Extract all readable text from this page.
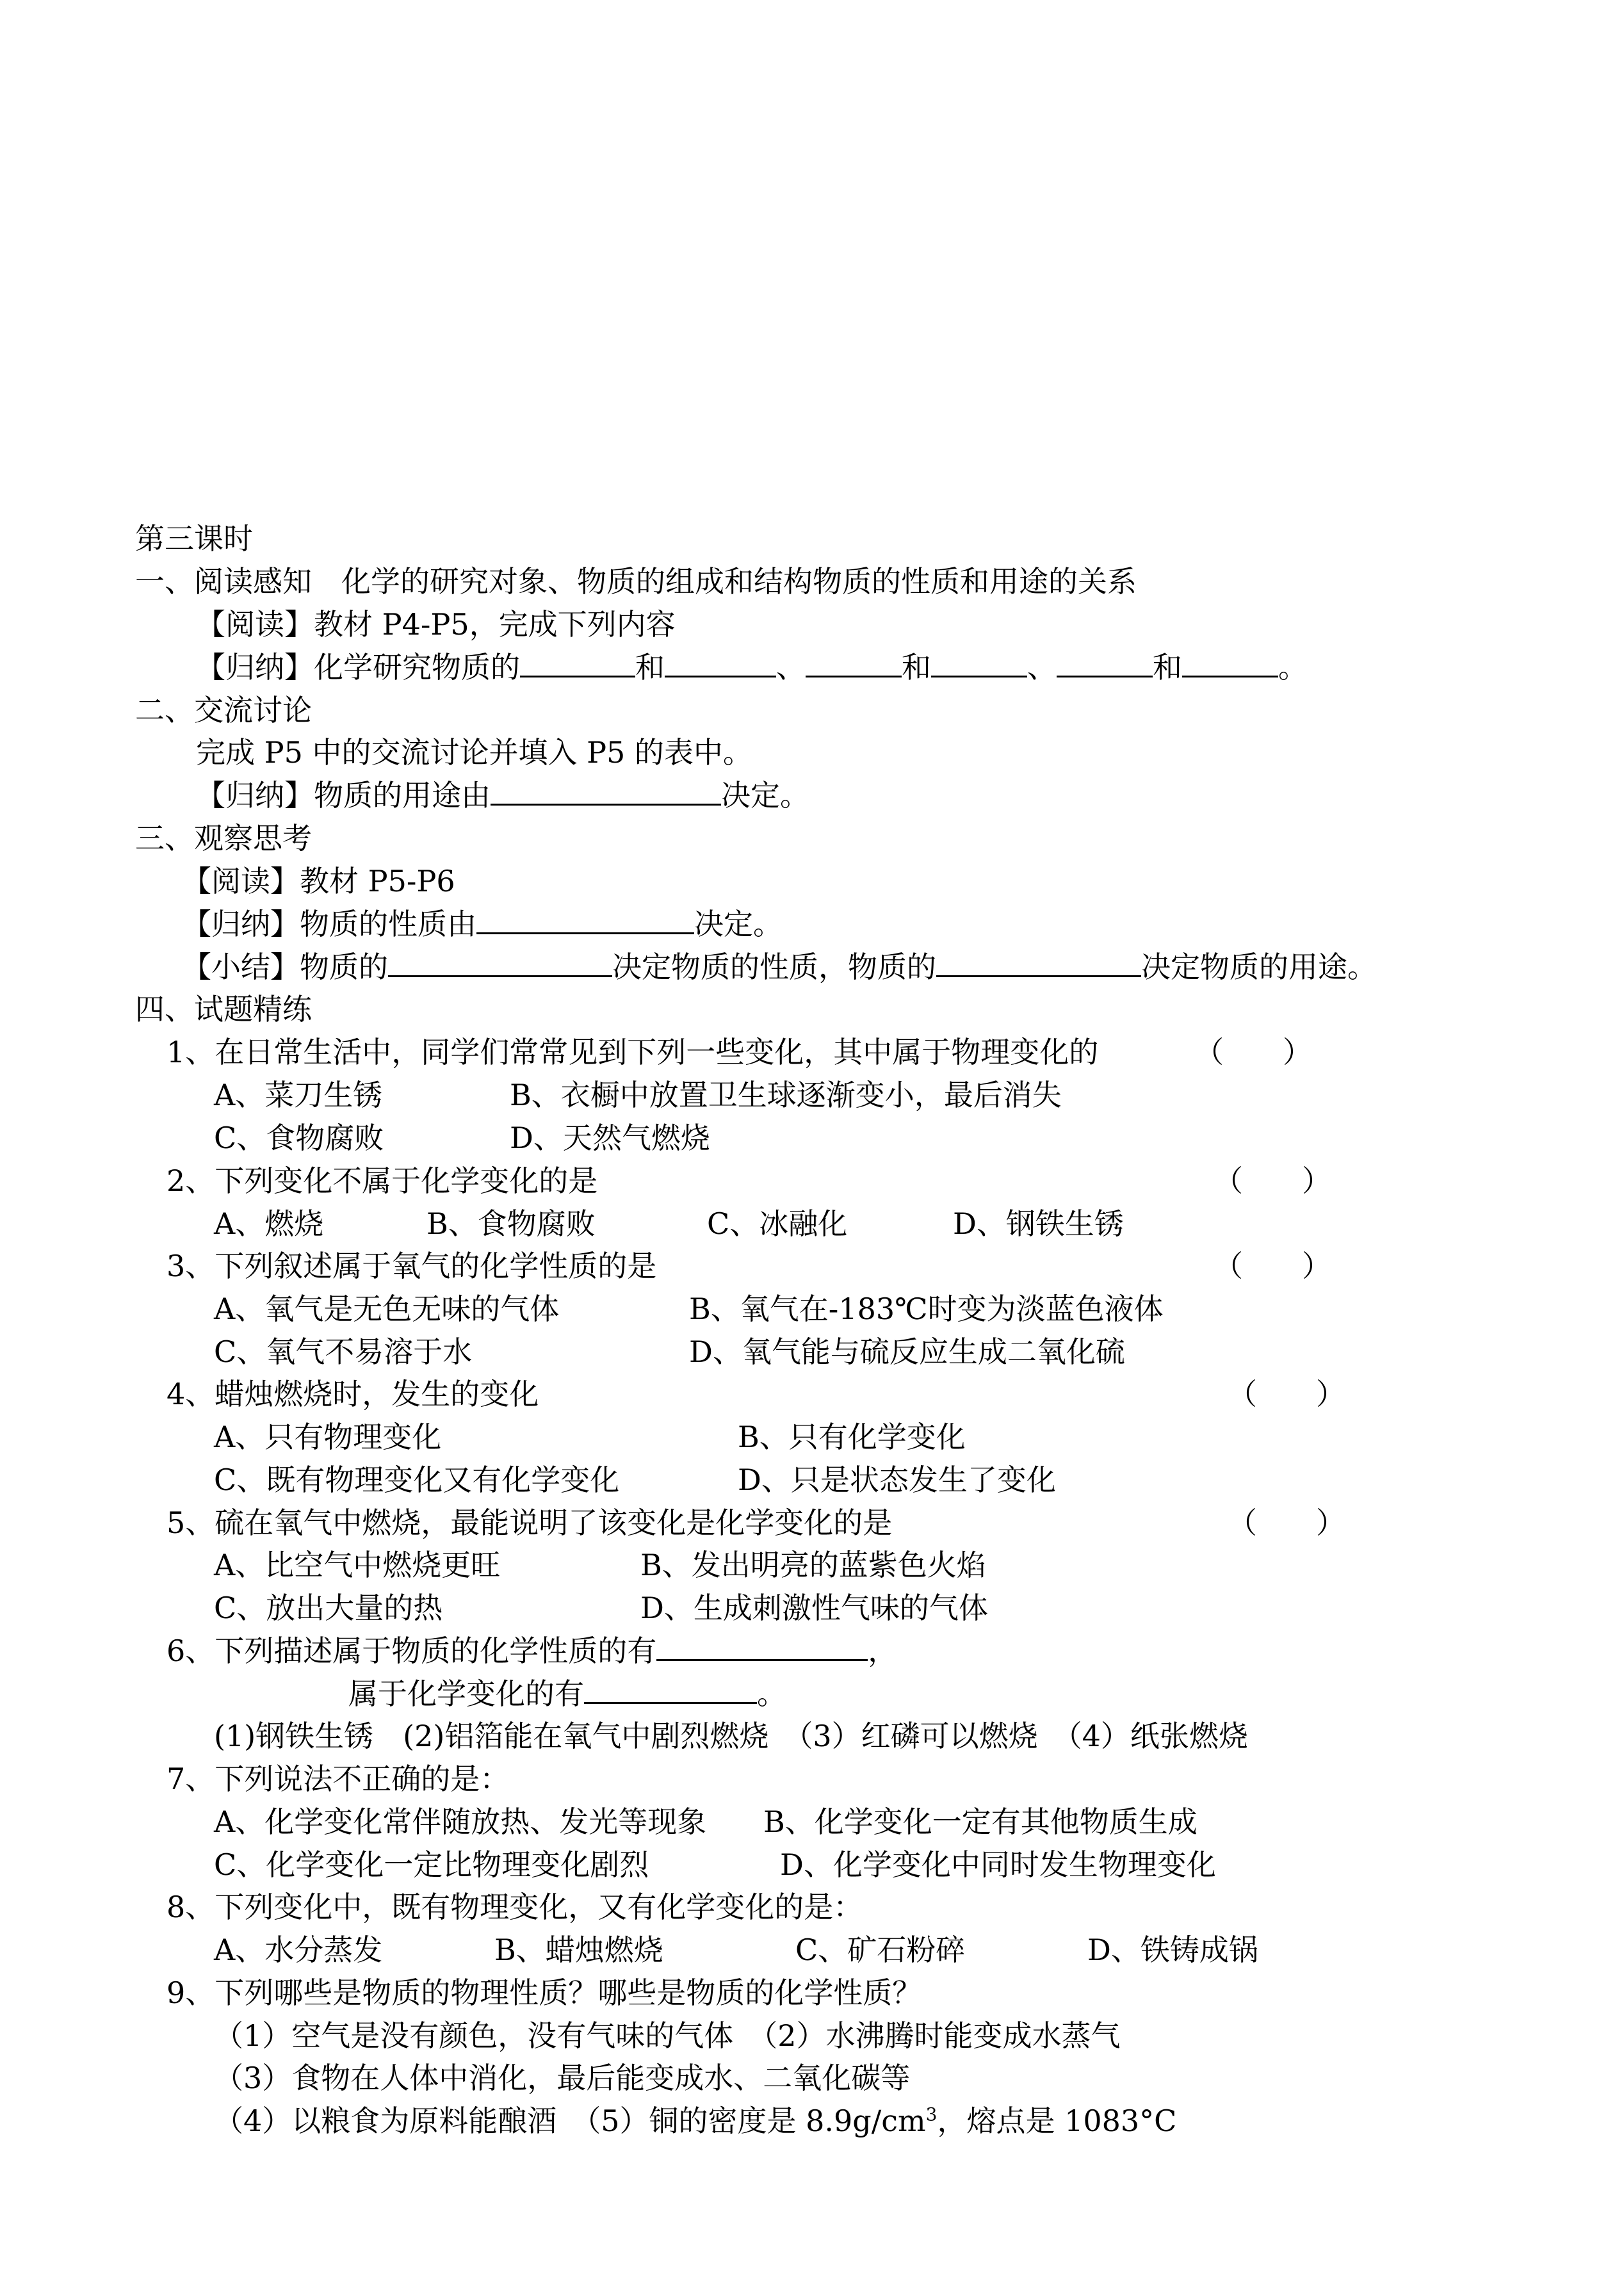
第三课时
一、阅读感知　化学的研究对象、物质的组成和结构物质的性质和用途的关系
【阅读】教材 P4-P5，完成下列内容
【归纳】化学研究物质的	和	、	和	、	和	。
二、交流讨论
完成 P5 中的交流讨论并填入 P5 的表中。
【归纳】物质的用途由	决定。
三、观察思考
【阅读】教材 P5-P6
【归纳】物质的性质由	决定。
【小结】物质的	决定物质的性质，物质的	决定物质的用途。
四、试题精练
1、在日常生活中，同学们常常见到下列一些变化，其中属于物理变化的	（　　）
A、菜刀生锈	B、衣橱中放置卫生球逐渐变小，最后消失
C、食物腐败	D、天然气燃烧
2、下列变化不属于化学变化的是	（　　）
A、燃烧	B、食物腐败	C、冰融化	D、钢铁生锈
3、下列叙述属于氧气的化学性质的是	（　　）
A、氧气是无色无味的气体	B、氧气在-183℃时变为淡蓝色液体
C、氧气不易溶于水	D、氧气能与硫反应生成二氧化硫
4、蜡烛燃烧时，发生的变化	（　　）
A、只有物理变化	B、只有化学变化
C、既有物理变化又有化学变化	D、只是状态发生了变化
5、硫在氧气中燃烧，最能说明了该变化是化学变化的是	（　　）
A、比空气中燃烧更旺	B、发出明亮的蓝紫色火焰
C、放出大量的热	D、生成刺激性气味的气体
6、下列描述属于物质的化学性质的有	，
属于化学变化的有	。
(1)钢铁生锈　(2)铝箔能在氧气中剧烈燃烧　（3）红磷可以燃烧　（4）纸张燃烧
7、下列说法不正确的是：
A、化学变化常伴随放热、发光等现象 B、化学变化一定有其他物质生成
C、化学变化一定比物理变化剧烈	D、化学变化中同时发生物理变化
8、下列变化中，既有物理变化，又有化学变化的是：
A、水分蒸发	B、蜡烛燃烧	C、矿石粉碎	D、铁铸成锅
9、下列哪些是物质的物理性质？哪些是物质的化学性质？
（1）空气是没有颜色，没有气味的气体　（2）水沸腾时能变成水蒸气
（3）食物在人体中消化，最后能变成水、二氧化碳等
（4）以粮食为原料能酿酒　（5）铜的密度是 $8.9g/cm^3$，熔点是 1083°C
